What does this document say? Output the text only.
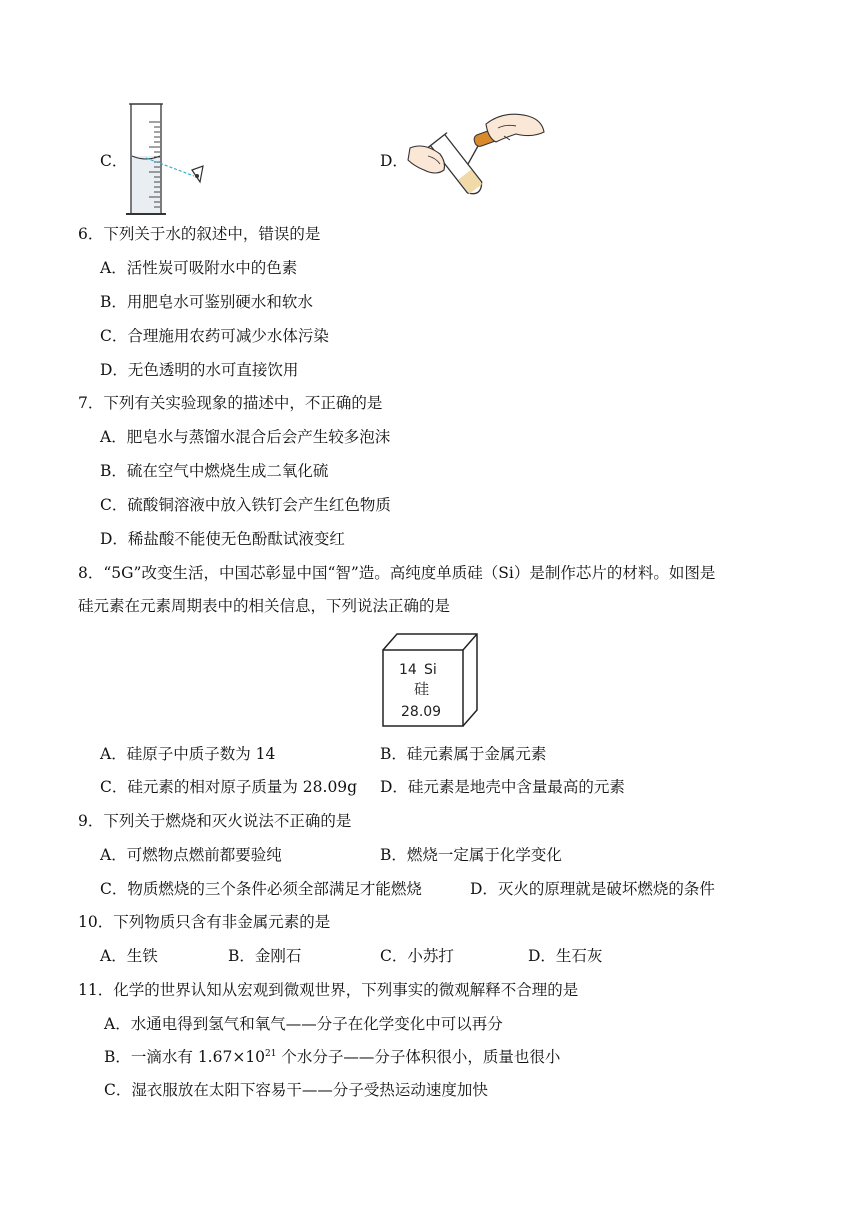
C．	D．
6．下列关于水的叙述中，错误的是
A．活性炭可吸附水中的色素
B．用肥皂水可鉴别硬水和软水
C．合理施用农药可减少水体污染
D．无色透明的水可直接饮用
7．下列有关实验现象的描述中，不正确的是
A．肥皂水与蒸馏水混合后会产生较多泡沫
B．硫在空气中燃烧生成二氧化硫
C．硫酸铜溶液中放入铁钉会产生红色物质
D．稀盐酸不能使无色酚酞试液变红
8．“5G”改变生活，中国芯彰显中国“智”造。高纯度单质硅（Si）是制作芯片的材料。如图是
硅元素在元素周期表中的相关信息，下列说法正确的是
14 Si
硅
28.09
A．硅原子中质子数为 14	B．硅元素属于金属元素
C．硅元素的相对原子质量为 28.09g D．硅元素是地壳中含量最高的元素
9．下列关于燃烧和灭火说法不正确的是
A．可燃物点燃前都要验纯	B．燃烧一定属于化学变化
C．物质燃烧的三个条件必须全部满足才能燃烧	D．灭火的原理就是破坏燃烧的条件
10．下列物质只含有非金属元素的是
A．生铁	B．金刚石	C．小苏打	D．生石灰
11．化学的世界认知从宏观到微观世界，下列事实的微观解释不合理的是
A．水通电得到氢气和氧气——分子在化学变化中可以再分
B．一滴水有 $1.67\times 10^{21}$ 个水分子——分子体积很小，质量也很小
C．湿衣服放在太阳下容易干——分子受热运动速度加快
